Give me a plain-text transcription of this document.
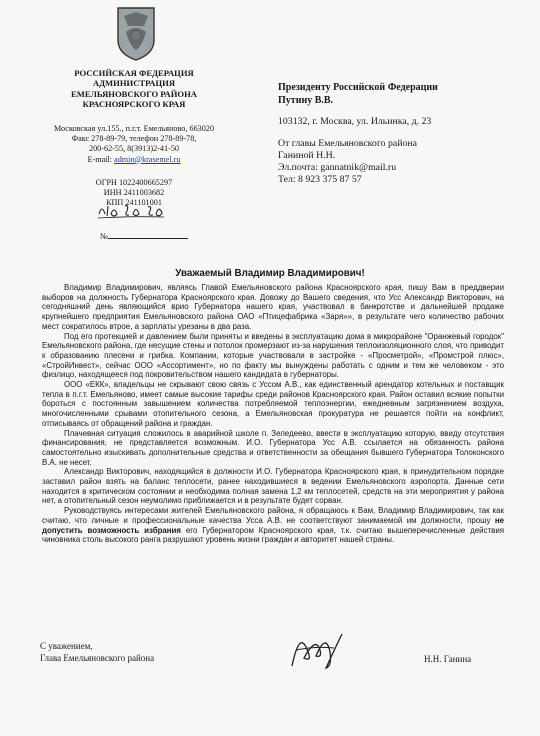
РОССИЙСКАЯ ФЕДЕРАЦИЯ
АДМИНИСТРАЦИЯ
ЕМЕЛЬЯНОВСКОГО РАЙОНА
КРАСНОЯРСКОГО КРАЯ
Московская ул.155., п.г.т. Емельяново, 663020
Факс 278-89-79, телефон 278-89-78,
200-62-55, 8(3913)2-41-50
E-mail: admin@krasemel.ru
ОГРН 1022400665297
ИНН 2411003682
КПП 241101001
№
Президенту Российской Федерации
Путину В.В.
103132, г. Москва, ул. Ильинка, д. 23
От главы Емельяновского района
Ганиной Н.Н.
Эл.почта: gannatnik@mail.ru
Тел: 8 923 375 87 57
Уважаемый Владимир Владимирович!

Владимир Владимирович, являясь Главой Емельяновского района Красноярского края, пишу Вам в преддверии выборов на должность Губернатора Красноярского края. Довожу до Вашего сведения, что Усс Александр Викторович, на сегодняшний день являющийся врио Губернатора нашего края, участвовал в банкротстве и дальнейшей продаже крупнейшего предприятия Емельяновского района ОАО «Птицефабрика «Заря»», в результате чего количество рабочих мест сократилось втрое, а зарплаты урезаны в два раза.

Под его протекцией и давлением были приняты и введены в эксплуатацию дома в микрорайоне "Оранжевый городок" Емельяновского района, где несущие стены и потолок промерзают из-за нарушения теплоизоляционного слоя, что приводит к образованию плесени и грибка. Компании, которые участвовали в застройке - «Просметрой», «Промстрой плюс», «СтройИнвест», сейчас ООО «Ассортимент», но по факту мы вынуждены работать с одним и тем же человеком - это физлицо, находящееся под покровительством нашего кандидата в губернаторы.

ООО «ЕКК», владельцы не скрывают свою связь с Уссом А.В., как единственный арендатор котельных и поставщик тепла в п.г.т. Емельяново, имеет самые высокие тарифы среди районов Красноярского края. Район оставил всякие попытки бороться с постоянным завышением количества потребляемой теплоэнергии, ежедневным загрязнением воздуха, многочисленными срывами отопительного сезона, а Емельяновская прокуратура не решается пойти на конфликт, отписываясь от обращений района и граждан.

Плачевная ситуация сложилось в аварийной школе п. Зеледеево, ввести в эксплуатацию которую, ввиду отсутствия финансирования, не представляется возможным. И.О. Губернатора Усс А.В. ссылается на обязанность района самостоятельно изыскивать дополнительные средства и ответственности за обещания бывшего Губернатора Толоконского В.А. не несет.

Александр Викторович, находящийся в должности И.О. Губернатора Красноярского края, в принудительном порядке заставил район взять на баланс теплосети, ранее находившиеся в ведении Емельяновского аэропорта. Данные сети находится в критическом состоянии и необходима полная замена 1,2 км теплосетей, средств на эти мероприятия у района нет, а отопительный сезон неумолимо приближается и в результате будет сорван.

Руководствуясь интересами жителей Емельяновского района, я обращаюсь к Вам, Владимир Владимирович, так как считаю, что личные и профессиональные качества Усса А.В. не соответствуют занимаемой им должности, прошу не допустить возможность избрания его Губернатором Красноярского края, т.к. считаю вышеперечисленные действия чиновника столь высокого ранга разрушают уровень жизни граждан и авторитет нашей страны.

С уважением,
Глава Емельяновского района	Н.Н. Ганина
